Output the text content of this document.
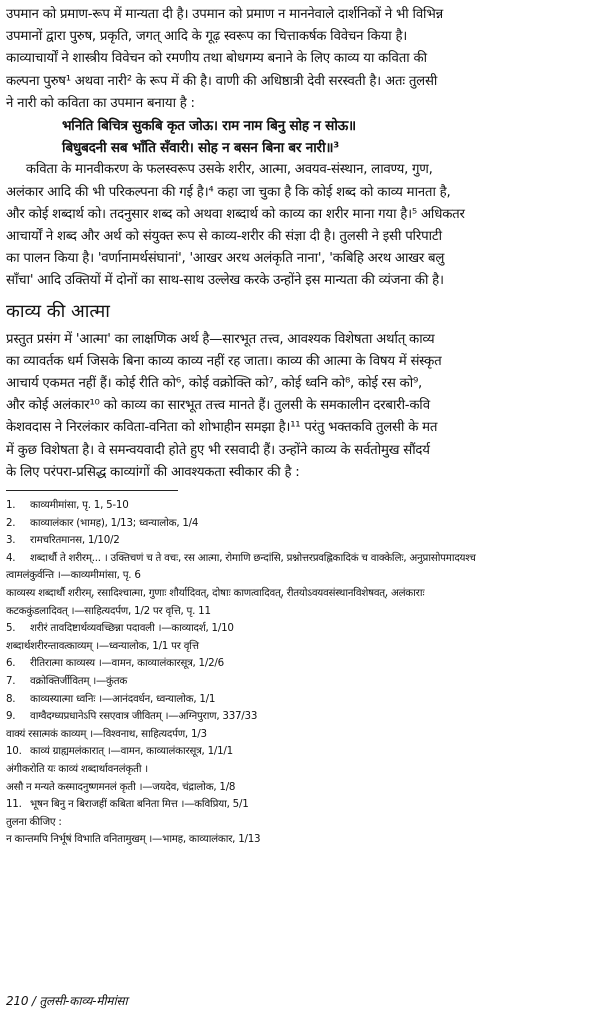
उपमान को प्रमाण-रूप में मान्यता दी है। उपमान को प्रमाण न माननेवाले दार्शनिकों ने भी विभिन्न
उपमानों द्वारा पुरुष, प्रकृति, जगत् आदि के गूढ़ स्वरूप का चित्ताकर्षक विवेचन किया है।
काव्याचार्यों ने शास्त्रीय विवेचन को रमणीय तथा बोधगम्य बनाने के लिए काव्य या कविता की
कल्पना पुरुष¹ अथवा नारी² के रूप में की है। वाणी की अधिष्ठात्री देवी सरस्वती है। अतः तुलसी
ने नारी को कविता का उपमान बनाया है :
भनिति बिचित्र सुकबि कृत जोऊ। राम नाम बिनु सोह न सोऊ॥
बिधुबदनी सब भाँति सँवारी। सोह न बसन बिना बर नारी॥³
कविता के मानवीकरण के फलस्वरूप उसके शरीर, आत्मा, अवयव-संस्थान, लावण्य, गुण,
अलंकार आदि की भी परिकल्पना की गई है।⁴ कहा जा चुका है कि कोई शब्द को काव्य मानता है,
और कोई शब्दार्थ को। तदनुसार शब्द को अथवा शब्दार्थ को काव्य का शरीर माना गया है।⁵ अधिकतर
आचार्यों ने शब्द और अर्थ को संयुक्त रूप से काव्य-शरीर की संज्ञा दी है। तुलसी ने इसी परिपाटी
का पालन किया है। 'वर्णानामर्थसंघानां', 'आखर अरथ अलंकृति नाना', 'कबिहि अरथ आखर बलु
साँचा' आदि उक्तियों में दोनों का साथ-साथ उल्लेख करके उन्होंने इस मान्यता की व्यंजना की है।
काव्य की आत्मा
प्रस्तुत प्रसंग में 'आत्मा' का लाक्षणिक अर्थ है—सारभूत तत्त्व, आवश्यक विशेषता अर्थात् काव्य
का व्यावर्तक धर्म जिसके बिना काव्य काव्य नहीं रह जाता। काव्य की आत्मा के विषय में संस्कृत
आचार्य एकमत नहीं हैं। कोई रीति को⁶, कोई वक्रोक्ति को⁷, कोई ध्वनि को⁸, कोई रस को⁹,
और कोई अलंकार¹⁰ को काव्य का सारभूत तत्त्व मानते हैं। तुलसी के समकालीन दरबारी-कवि
केशवदास ने निरलंकार कविता-वनिता को शोभाहीन समझा है।¹¹ परंतु भक्तकवि तुलसी के मत
में कुछ विशेषता है। वे समन्वयवादी होते हुए भी रसवादी हैं। उन्होंने काव्य के सर्वतोमुख सौंदर्य
के लिए परंपरा-प्रसिद्ध काव्यांगों की आवश्यकता स्वीकार की है :
1. काव्यमीमांसा, पृ. 1, 5-10
2. काव्यालंकार (भामह), 1/13; ध्वन्यालोक, 1/4
3. रामचरितमानस, 1/10/2
4. शब्दार्थौ ते शरीरम्... । उक्तिचणं च ते वचः, रस आत्मा, रोमाणि छन्दांसि, प्रश्नोत्तरप्रवह्लिकादिकं च वाक्केलिः, अनुप्रासोपमादयश्च
त्वामलंकुर्वन्ति ।—काव्यमीमांसा, पृ. 6
काव्यस्य शब्दार्थौ शरीरम्, रसादिश्चात्मा, गुणाः शौर्यादिवत्, दोषाः काणत्वादिवत्, रीतयोऽवयवसंस्थानविशेषवत्, अलंकाराः
कटककुंडलादिवत् ।—साहित्यदर्पण, 1/2 पर वृत्ति, पृ. 11
5. शरीरं तावदिष्टार्थव्यवच्छिन्ना पदावली ।—काव्यादर्श, 1/10
शब्दार्थशरीरन्तावत्काव्यम् ।—ध्वन्यालोक, 1/1 पर वृत्ति
6. रीतिरात्मा काव्यस्य ।—वामन, काव्यालंकारसूत्र, 1/2/6
7. वक्रोक्तिर्जीवितम् ।—कुंतक
8. काव्यस्यात्मा ध्वनिः ।—आनंदवर्धन, ध्वन्यालोक, 1/1
9. वाग्वैदग्ध्यप्रधानेऽपि रसएवात्र जीवितम् ।—अग्निपुराण, 337/33
वाक्यं रसात्मकं काव्यम् ।—विश्वनाथ, साहित्यदर्पण, 1/3
10. काव्यं ग्राह्यमलंकारात् ।—वामन, काव्यालंकारसूत्र, 1/1/1
अंगीकरोति यः काव्यं शब्दार्थावनलंकृती ।
असौ न मन्यते कस्मादनुष्णमनलं कृती ।—जयदेव, चंद्रालोक, 1/8
11. भूषन बिनु न बिराजहीं कबिता बनिता मित्त ।—कविप्रिया, 5/1
तुलना कीजिए :
न कान्तमपि निर्भूषं विभाति वनितामुखम् ।—भामह, काव्यालंकार, 1/13
210 / तुलसी-काव्य-मीमांसा
